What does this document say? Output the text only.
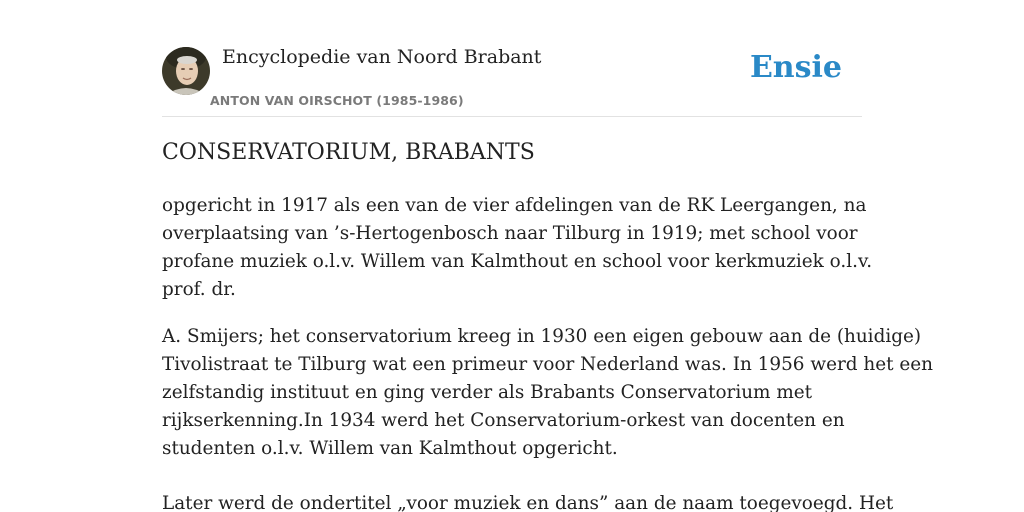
Encyclopedie van Noord Brabant
ANTON VAN OIRSCHOT (1985-1986)
Ensie
CONSERVATORIUM, BRABANTS

opgericht in 1917 als een van de vier afdelingen van de RK Leergangen, na
overplaatsing van ’s-Hertogenbosch naar Tilburg in 1919; met school voor
profane muziek o.l.v. Willem van Kalmthout en school voor kerkmuziek o.l.v.
prof. dr.

A. Smijers; het conservatorium kreeg in 1930 een eigen gebouw aan de (huidige)
Tivolistraat te Tilburg wat een primeur voor Nederland was. In 1956 werd het een
zelfstandig instituut en ging verder als Brabants Conservatorium met
rijkserkenning.In 1934 werd het Conservatorium-orkest van docenten en
studenten o.l.v. Willem van Kalmthout opgericht.

Later werd de ondertitel „voor muziek en dans” aan de naam toegevoegd. Het
